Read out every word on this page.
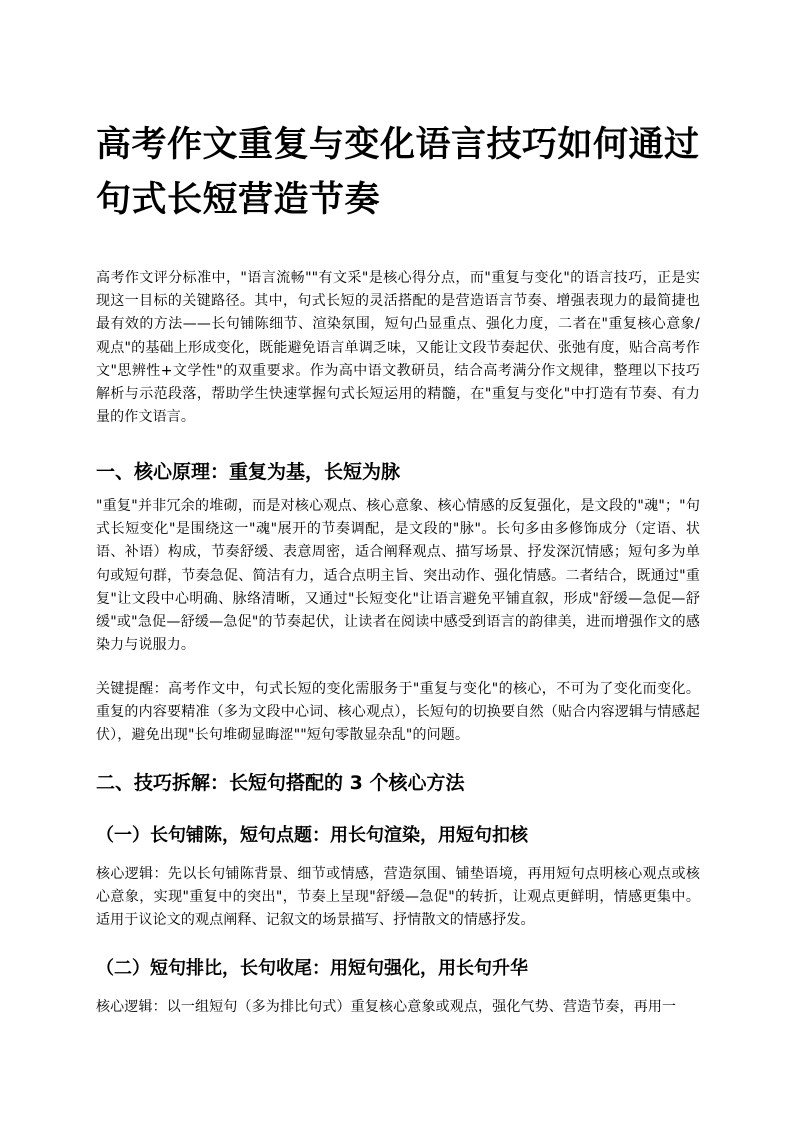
高考作文重复与变化语言技巧如何通过句式长短营造节奏

高考作文评分标准中，"语言流畅""有文采"是核心得分点，而"重复与变化"的语言技巧，正是实现这一目标的关键路径。其中，句式长短的灵活搭配的是营造语言节奏、增强表现力的最简捷也最有效的方法——长句铺陈细节、渲染氛围，短句凸显重点、强化力度，二者在"重复核心意象/观点"的基础上形成变化，既能避免语言单调乏味，又能让文段节奏起伏、张弛有度，贴合高考作文"思辨性+文学性"的双重要求。作为高中语文教研员，结合高考满分作文规律，整理以下技巧解析与示范段落，帮助学生快速掌握句式长短运用的精髓，在"重复与变化"中打造有节奏、有力量的作文语言。

一、核心原理：重复为基，长短为脉

"重复"并非冗余的堆砌，而是对核心观点、核心意象、核心情感的反复强化，是文段的"魂"；"句式长短变化"是围绕这一"魂"展开的节奏调配，是文段的"脉"。长句多由多修饰成分（定语、状语、补语）构成，节奏舒缓、表意周密，适合阐释观点、描写场景、抒发深沉情感；短句多为单句或短句群，节奏急促、简洁有力，适合点明主旨、突出动作、强化情感。二者结合，既通过"重复"让文段中心明确、脉络清晰，又通过"长短变化"让语言避免平铺直叙，形成"舒缓—急促—舒缓"或"急促—舒缓—急促"的节奏起伏，让读者在阅读中感受到语言的韵律美，进而增强作文的感染力与说服力。

关键提醒：高考作文中，句式长短的变化需服务于"重复与变化"的核心，不可为了变化而变化。重复的内容要精准（多为文段中心词、核心观点），长短句的切换要自然（贴合内容逻辑与情感起伏），避免出现"长句堆砌显晦涩""短句零散显杂乱"的问题。

二、技巧拆解：长短句搭配的 3 个核心方法
（一）长句铺陈，短句点题：用长句渲染，用短句扣核

核心逻辑：先以长句铺陈背景、细节或情感，营造氛围、铺垫语境，再用短句点明核心观点或核心意象，实现"重复中的突出"，节奏上呈现"舒缓—急促"的转折，让观点更鲜明，情感更集中。适用于议论文的观点阐释、记叙文的场景描写、抒情散文的情感抒发。

（二）短句排比，长句收尾：用短句强化，用长句升华

核心逻辑：以一组短句（多为排比句式）重复核心意象或观点，强化气势、营造节奏，再用一
